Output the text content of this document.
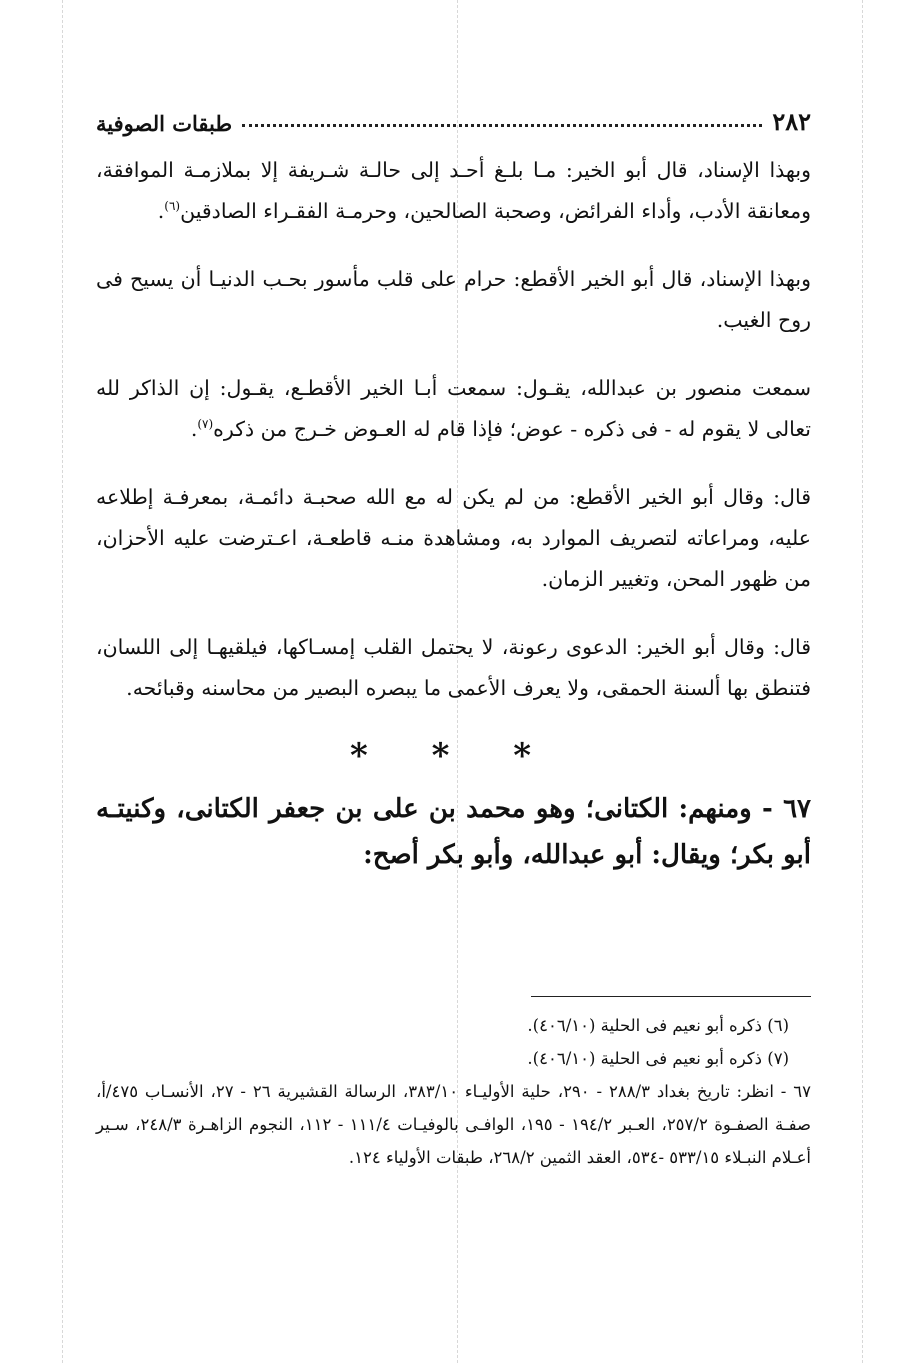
٢٨٢
طبقات الصوفية

وبهذا الإسناد، قال أبو الخير: مـا بلـغ أحـد إلى حالـة شـريفة إلا بملازمـة الموافقة، ومعانقة الأدب، وأداء الفرائض، وصحبة الصالحين، وحرمـة الفقـراء الصادقين$^{(٦)}$.

وبهذا الإسناد، قال أبو الخير الأقطع: حرام على قلب مأسور بحـب الدنيـا أن يسيح فى روح الغيب.

سمعت منصور بن عبدالله، يقـول: سمعت أبـا الخير الأقطـع، يقـول: إن الذاكر لله تعالى لا يقوم له - فى ذكره - عوض؛ فإذا قام له العـوض خـرج من ذكره$^{(٧)}$.

قال: وقال أبو الخير الأقطع: من لم يكن له مع الله صحبـة دائمـة، بمعرفـة إطلاعه عليه، ومراعاته لتصريف الموارد به، ومشاهدة منـه قاطعـة، اعـترضت عليه الأحزان، من ظهور المحن، وتغيير الزمان.

قال: وقال أبو الخير: الدعوى رعونة، لا يحتمل القلب إمسـاكها، فيلقيهـا إلى اللسان، فتنطق بها ألسنة الحمقى، ولا يعرف الأعمى ما يبصره البصير من محاسنه وقبائحه.

* * *

٦٧ - ومنهم: الكتانى؛ وهو محمد بن على بن جعفر الكتانى، وكنيتـه أبو بكر؛ ويقال: أبو عبدالله، وأبو بكر أصح:

(٦) ذكره أبو نعيم فى الحلية (٤٠٦/١٠).

(٧) ذكره أبو نعيم فى الحلية (٤٠٦/١٠).

٦٧ - انظر: تاريخ بغداد ٢٨٨/٣ - ٢٩٠، حلية الأوليـاء ٣٨٣/١٠، الرسالة القشيرية ٢٦ - ٢٧، الأنسـاب ٤٧٥/أ، صفـة الصفـوة ٢٥٧/٢، العـبر ١٩٤/٢ - ١٩٥، الوافـى بالوفيـات ١١١/٤ - ١١٢، النجوم الزاهـرة ٢٤٨/٣، سـير أعـلام النبـلاء ٥٣٣/١٥ -٥٣٤، العقد الثمين ٢٦٨/٢، طبقات الأولياء ١٢٤.
